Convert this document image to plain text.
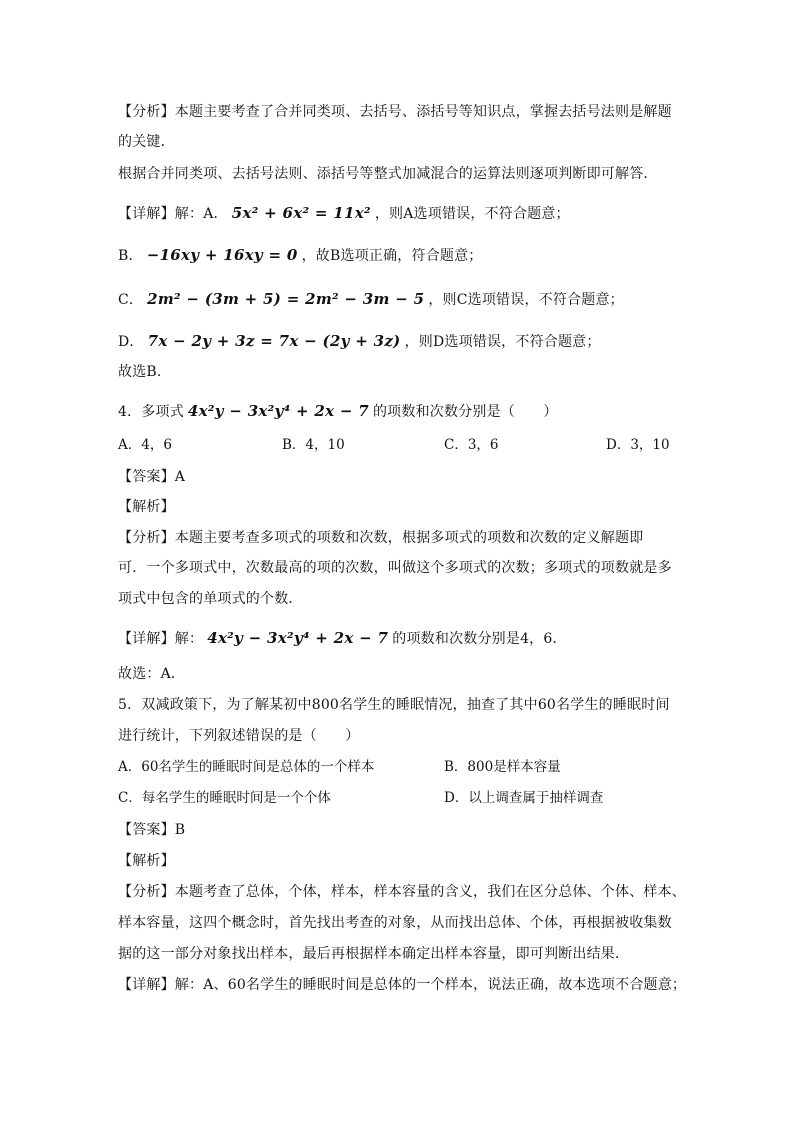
【分析】本题主要考查了合并同类项、去括号、添括号等知识点，掌握去括号法则是解题
的关键．
根据合并同类项、去括号法则、添括号等整式加减混合的运算法则逐项判断即可解答．
【详解】解：A． 5x² + 6x² = 11x² ，则A选项错误，不符合题意；
B． −16xy + 16xy = 0 ，故B选项正确，符合题意；
C． 2m² − (3m + 5) = 2m² − 3m − 5 ，则C选项错误，不符合题意；
D． 7x − 2y + 3z = 7x − (2y + 3z) ，则D选项错误，不符合题意；
故选B．
4．多项式 4x²y − 3x²y⁴ + 2x − 7 的项数和次数分别是（　　）
A．4，6	B．4，10	C．3，6	D．3，10
【答案】A
【解析】
【分析】本题主要考查多项式的项数和次数，根据多项式的项数和次数的定义解题即
可．一个多项式中，次数最高的项的次数，叫做这个多项式的次数；多项式的项数就是多
项式中包含的单项式的个数．
【详解】解： 4x²y − 3x²y⁴ + 2x − 7 的项数和次数分别是4，6．
故选：A．
5．双减政策下，为了解某初中800名学生的睡眠情况，抽查了其中60名学生的睡眠时间
进行统计，下列叙述错误的是（　　）
A．60名学生的睡眠时间是总体的一个样本	B．800是样本容量
C．每名学生的睡眠时间是一个个体	D．以上调查属于抽样调查
【答案】B
【解析】
【分析】本题考查了总体，个体，样本，样本容量的含义，我们在区分总体、个体、样本、
样本容量，这四个概念时，首先找出考查的对象，从而找出总体、个体，再根据被收集数
据的这一部分对象找出样本，最后再根据样本确定出样本容量，即可判断出结果．
【详解】解：A、60名学生的睡眠时间是总体的一个样本，说法正确，故本选项不合题意；
